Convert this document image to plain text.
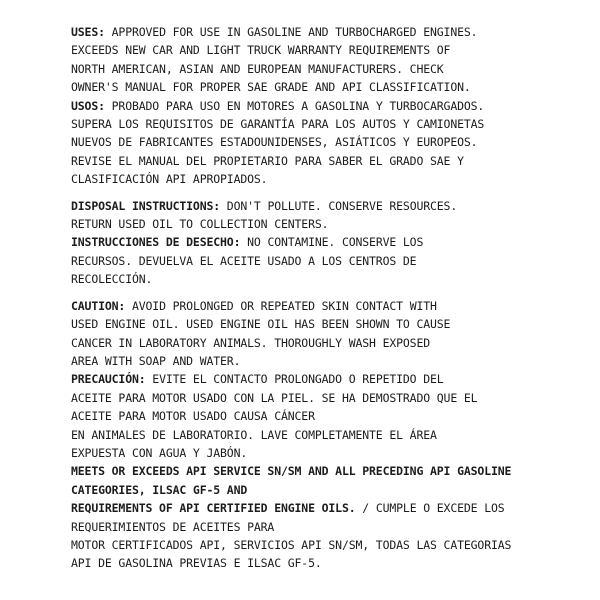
USES: APPROVED FOR USE IN GASOLINE AND TURBOCHARGED ENGINES.
EXCEEDS NEW CAR AND LIGHT TRUCK WARRANTY REQUIREMENTS OF
NORTH AMERICAN, ASIAN AND EUROPEAN MANUFACTURERS. CHECK
OWNER'S MANUAL FOR PROPER SAE GRADE AND API CLASSIFICATION.
USOS: PROBADO PARA USO EN MOTORES A GASOLINA Y TURBOCARGADOS.
SUPERA LOS REQUISITOS DE GARANTÍA PARA LOS AUTOS Y CAMIONETAS
NUEVOS DE FABRICANTES ESTADOUNIDENSES, ASIÁTICOS Y EUROPEOS.
REVISE EL MANUAL DEL PROPIETARIO PARA SABER EL GRADO SAE Y
CLASIFICACIÓN API APROPIADOS.
DISPOSAL INSTRUCTIONS: DON'T POLLUTE. CONSERVE RESOURCES.
RETURN USED OIL TO COLLECTION CENTERS.
INSTRUCCIONES DE DESECHO: NO CONTAMINE. CONSERVE LOS
RECURSOS. DEVUELVA EL ACEITE USADO A LOS CENTROS DE
RECOLECCIÓN.
CAUTION: AVOID PROLONGED OR REPEATED SKIN CONTACT WITH
USED ENGINE OIL. USED ENGINE OIL HAS BEEN SHOWN TO CAUSE
CANCER IN LABORATORY ANIMALS. THOROUGHLY WASH EXPOSED
AREA WITH SOAP AND WATER.
PRECAUCIÓN: EVITE EL CONTACTO PROLONGADO O REPETIDO DEL
ACEITE PARA MOTOR USADO CON LA PIEL. SE HA DEMOSTRADO QUE EL
ACEITE PARA MOTOR USADO CAUSA CÁNCER
EN ANIMALES DE LABORATORIO. LAVE COMPLETAMENTE EL ÁREA
EXPUESTA CON AGUA Y JABÓN.
MEETS OR EXCEEDS API SERVICE SN/SM AND ALL PRECEDING API GASOLINE
CATEGORIES, ILSAC GF-5 AND
REQUIREMENTS OF API CERTIFIED ENGINE OILS. / CUMPLE O EXCEDE LOS
REQUERIMIENTOS DE ACEITES PARA
MOTOR CERTIFICADOS API, SERVICIOS API SN/SM, TODAS LAS CATEGORIAS
API DE GASOLINA PREVIAS E ILSAC GF-5.
